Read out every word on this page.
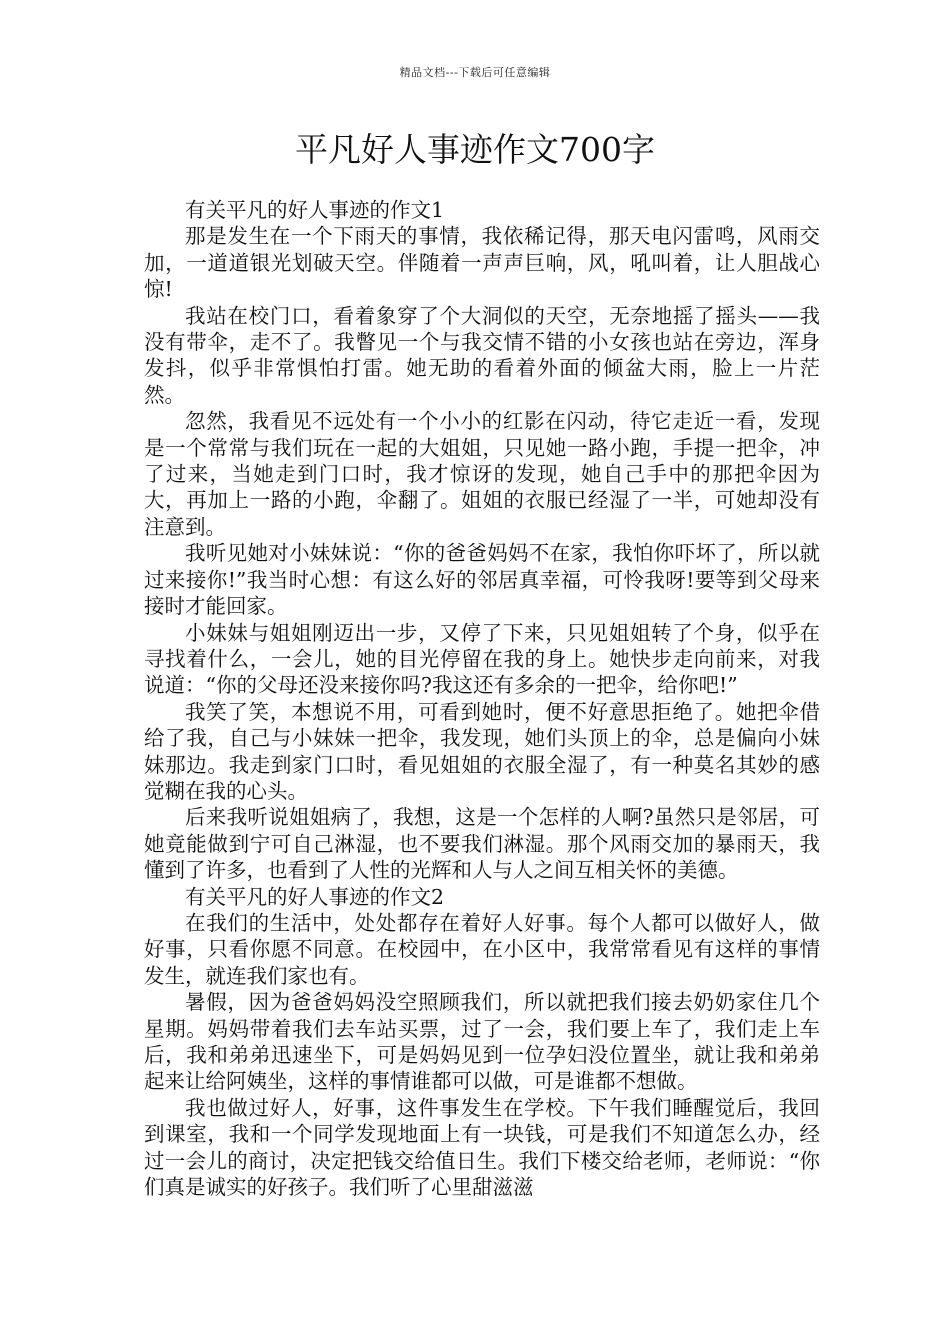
精品文档---下载后可任意编辑
平凡好人事迹作文700字

有关平凡的好人事迹的作文1

那是发生在一个下雨天的事情，我依稀记得，那天电闪雷鸣，风雨交加，一道道银光划破天空。伴随着一声声巨响，风，吼叫着，让人胆战心惊!

我站在校门口，看着象穿了个大洞似的天空，无奈地摇了摇头——我没有带伞，走不了。我瞥见一个与我交情不错的小女孩也站在旁边，浑身发抖，似乎非常惧怕打雷。她无助的看着外面的倾盆大雨，脸上一片茫然。

忽然，我看见不远处有一个小小的红影在闪动，待它走近一看，发现是一个常常与我们玩在一起的大姐姐，只见她一路小跑，手提一把伞，冲了过来，当她走到门口时，我才惊讶的发现，她自己手中的那把伞因为大，再加上一路的小跑，伞翻了。姐姐的衣服已经湿了一半，可她却没有注意到。

我听见她对小妹妹说：“你的爸爸妈妈不在家，我怕你吓坏了，所以就过来接你!”我当时心想：有这么好的邻居真幸福，可怜我呀!要等到父母来接时才能回家。

小妹妹与姐姐刚迈出一步，又停了下来，只见姐姐转了个身，似乎在寻找着什么，一会儿，她的目光停留在我的身上。她快步走向前来，对我说道：“你的父母还没来接你吗?我这还有多余的一把伞，给你吧!”

我笑了笑，本想说不用，可看到她时，便不好意思拒绝了。她把伞借给了我，自己与小妹妹一把伞，我发现，她们头顶上的伞，总是偏向小妹妹那边。我走到家门口时，看见姐姐的衣服全湿了，有一种莫名其妙的感觉糊在我的心头。

后来我听说姐姐病了，我想，这是一个怎样的人啊?虽然只是邻居，可她竟能做到宁可自己淋湿，也不要我们淋湿。那个风雨交加的暴雨天，我懂到了许多，也看到了人性的光辉和人与人之间互相关怀的美德。

有关平凡的好人事迹的作文2

在我们的生活中，处处都存在着好人好事。每个人都可以做好人，做好事，只看你愿不同意。在校园中，在小区中，我常常看见有这样的事情发生，就连我们家也有。

暑假，因为爸爸妈妈没空照顾我们，所以就把我们接去奶奶家住几个星期。妈妈带着我们去车站买票，过了一会，我们要上车了，我们走上车后，我和弟弟迅速坐下，可是妈妈见到一位孕妇没位置坐，就让我和弟弟起来让给阿姨坐，这样的事情谁都可以做，可是谁都不想做。

我也做过好人，好事，这件事发生在学校。下午我们睡醒觉后，我回到课室，我和一个同学发现地面上有一块钱，可是我们不知道怎么办，经过一会儿的商讨，决定把钱交给值日生。我们下楼交给老师，老师说：“你们真是诚实的好孩子。我们听了心里甜滋滋
